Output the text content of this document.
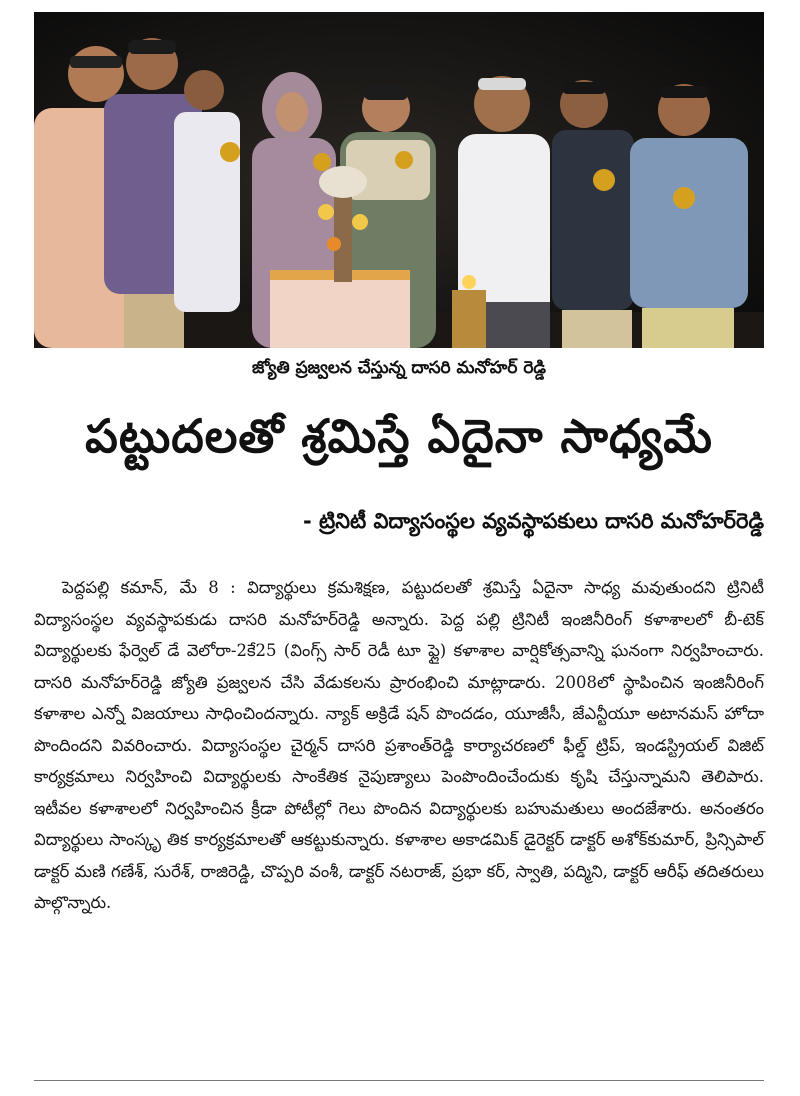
జ్యోతి ప్రజ్వలన చేస్తున్న దాసరి మనోహర్ రెడ్డి
పట్టుదలతో శ్రమిస్తే ఏదైనా సాధ్యమే
- ట్రినిటీ విద్యాసంస్థల వ్యవస్థాపకులు దాసరి మనోహర్‌రెడ్డి

పెద్దపల్లి కమాన్, మే 8 : విద్యార్థులు క్రమశిక్షణ, పట్టుదలతో శ్రమిస్తే ఏదైనా సాధ్య మవుతుందని ట్రినిటీ విద్యాసంస్థల వ్యవస్థాపకుడు దాసరి మనోహర్‌రెడ్డి అన్నారు. పెద్ద పల్లి ట్రినిటీ ఇంజినీరింగ్ కళాశాలలో బీ-టెక్ విద్యార్థులకు ఫేర్వెల్ డే వెలోరా-2కే25 (వింగ్స్ సార్ రెడీ టూ ఫ్లై) కళాశాల వార్షికోత్సవాన్ని ఘనంగా నిర్వహించారు. దాసరి మనోహర్‌రెడ్డి జ్యోతి ప్రజ్వలన చేసి వేడుకలను ప్రారంభించి మాట్లాడారు. 2008లో స్థాపించిన ఇంజినీరింగ్ కళాశాల ఎన్నో విజయాలు సాధించిందన్నారు. న్యాక్ అక్రిడే షన్ పొందడం, యూజీసీ, జేఎన్టీయూ అటానమస్ హోదా పొందిందని వివరించారు. విద్యాసంస్థల చైర్మన్ దాసరి ప్రశాంత్‌రెడ్డి కార్యాచరణలో ఫీల్డ్ ట్రిప్, ఇండస్ట్రియల్ విజిట్ కార్యక్రమాలు నిర్వహించి విద్యార్థులకు సాంకేతిక నైపుణ్యాలు పెంపొందించేందుకు కృషి చేస్తున్నామని తెలిపారు. ఇటీవల కళాశాలలో నిర్వహించిన క్రీడా పోటీల్లో గెలు పొందిన విద్యార్థులకు బహుమతులు అందజేశారు. అనంతరం విద్యార్థులు సాంస్కృ తిక కార్యక్రమాలతో ఆకట్టుకున్నారు. కళాశాల అకాడమిక్ డైరెక్టర్ డాక్టర్ అశోక్‌కుమార్, ప్రిన్సిపాల్ డాక్టర్ మణి గణేశ్, సురేశ్, రాజిరెడ్డి, చొప్పరి వంశీ, డాక్టర్ నటరాజ్, ప్రభా కర్, స్వాతి, పద్మిని, డాక్టర్ ఆరీఫ్ తదితరులు పాల్గొన్నారు.
